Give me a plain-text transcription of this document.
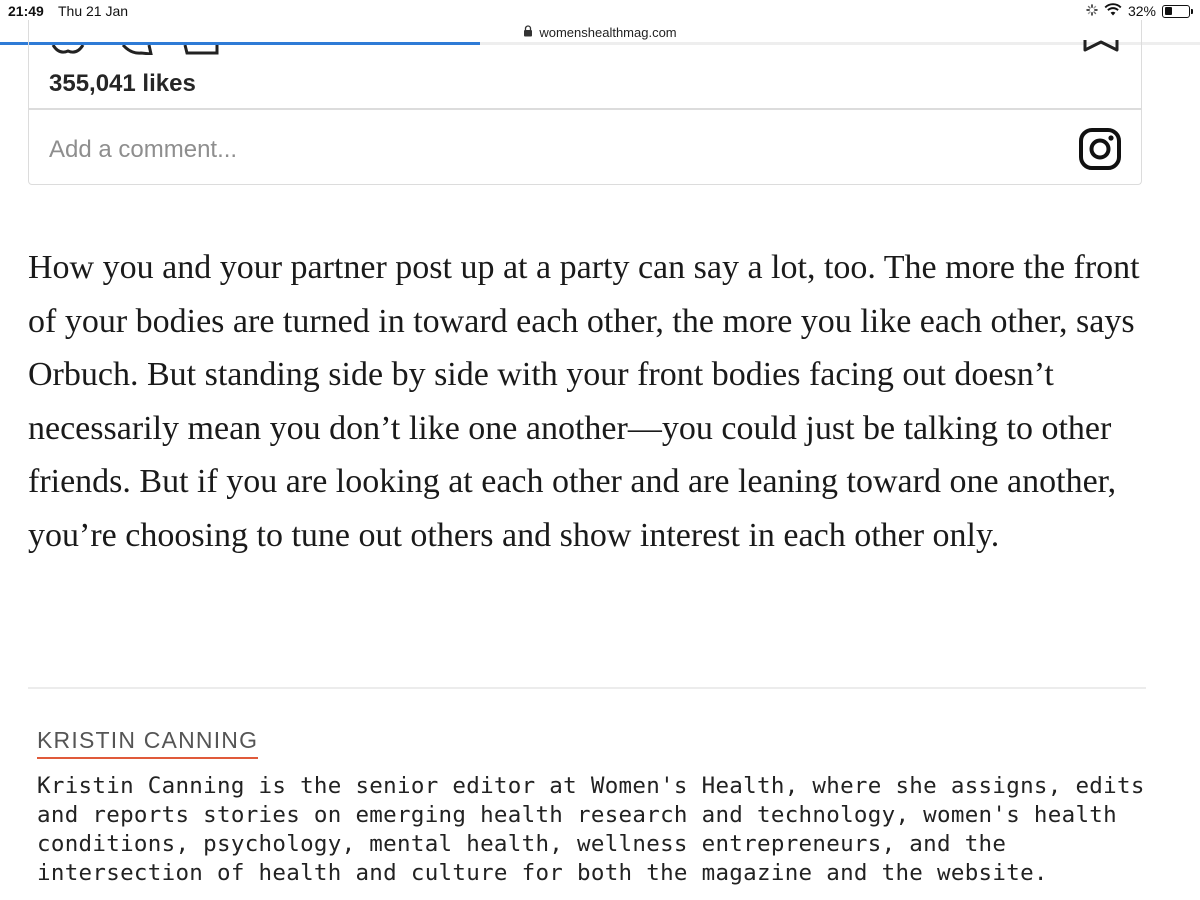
21:49 Thu 21 Jan	32%
womenshealthmag.com
355,041 likes
Add a comment...

How you and your partner post up at a party can say a lot, too. The more the front of your bodies are turned in toward each other, the more you like each other, says Orbuch. But standing side by side with your front bodies facing out doesn’t necessarily mean you don’t like one another—you could just be talking to other friends. But if you are looking at each other and are leaning toward one another, you’re choosing to tune out others and show interest in each other only.

KRISTIN CANNING

Kristin Canning is the senior editor at Women's Health, where she assigns, edits and reports stories on emerging health research and technology, women's health conditions, psychology, mental health, wellness entrepreneurs, and the intersection of health and culture for both the magazine and the website.
